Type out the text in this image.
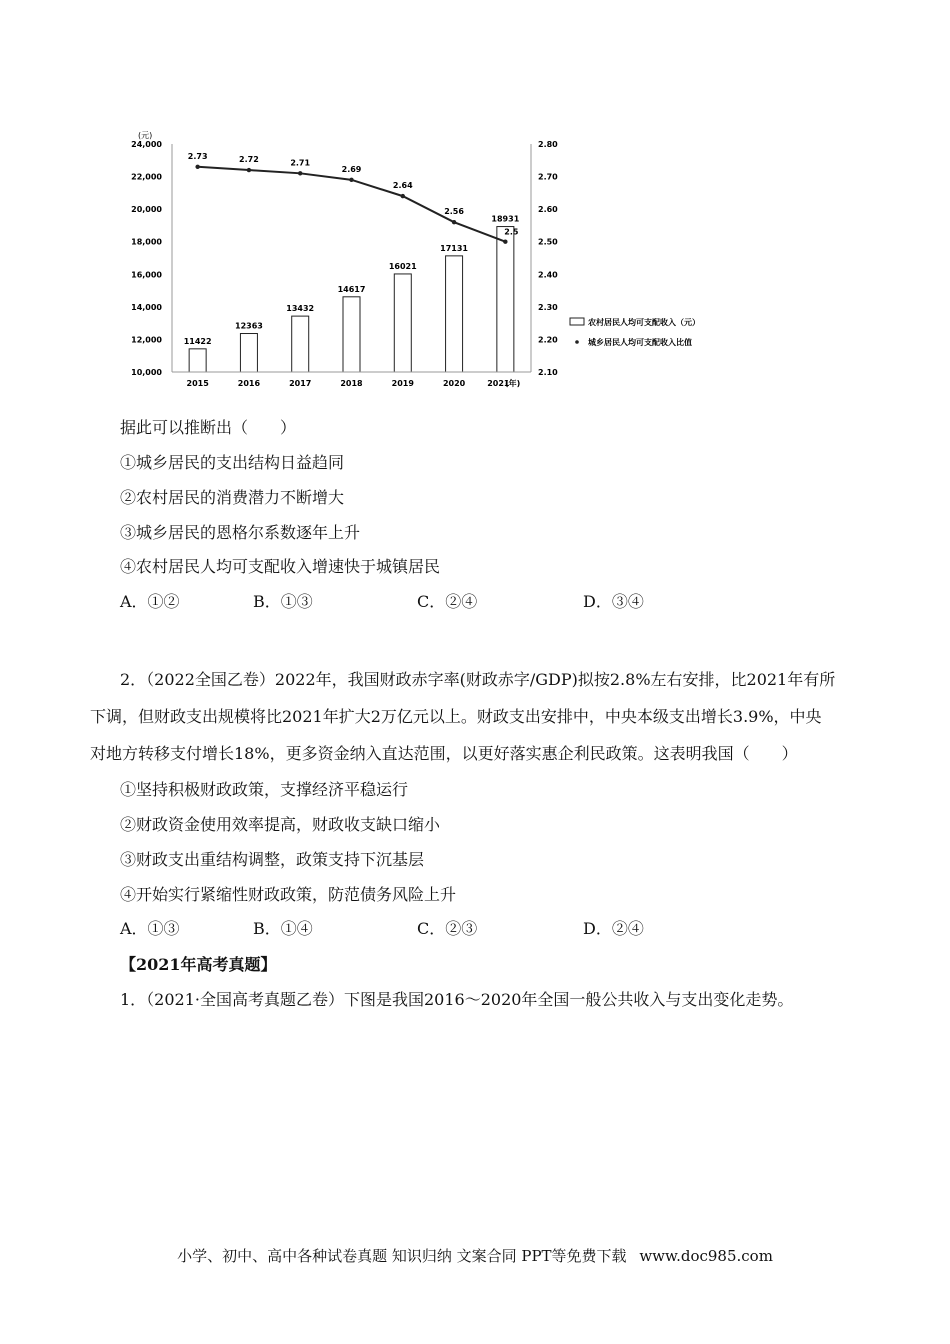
(元)
10,000
12,000
14,000
16,000
18,000
20,000
22,000
24,000
2.10
2.20
2.30
2.40
2.50
2.60
2.70
2.80
11422
12363
13432
14617
16021
17131
18931
2015	2016	2017	2018	2019	2020	2021
2.73	2.72	2.71
2.69
2.64
2.56
2.5
(年)
农村居民人均可支配收入（元）
城乡居民人均可支配收入比值
据此可以推断出（　　）
①城乡居民的支出结构日益趋同
②农村居民的消费潜力不断增大
③城乡居民的恩格尔系数逐年上升
④农村居民人均可支配收入增速快于城镇居民
A．①②	B．①③	C．②④	D．③④
2．（2022全国乙卷）2022年，我国财政赤字率(财政赤字/GDP)拟按2.8%左右安排，比2021年有所
下调，但财政支出规模将比2021年扩大2万亿元以上。财政支出安排中，中央本级支出增长3.9%，中央
对地方转移支付增长18%，更多资金纳入直达范围，以更好落实惠企利民政策。这表明我国（　　）
①坚持积极财政政策，支撑经济平稳运行
②财政资金使用效率提高，财政收支缺口缩小
③财政支出重结构调整，政策支持下沉基层
④开始实行紧缩性财政政策，防范债务风险上升
A．①③	B．①④	C．②③	D．②④
【2021年高考真题】
1．（2021·全国高考真题乙卷）下图是我国2016～2020年全国一般公共收入与支出变化走势。
小学、初中、高中各种试卷真题 知识归纳 文案合同 PPT等免费下载 www.doc985.com
